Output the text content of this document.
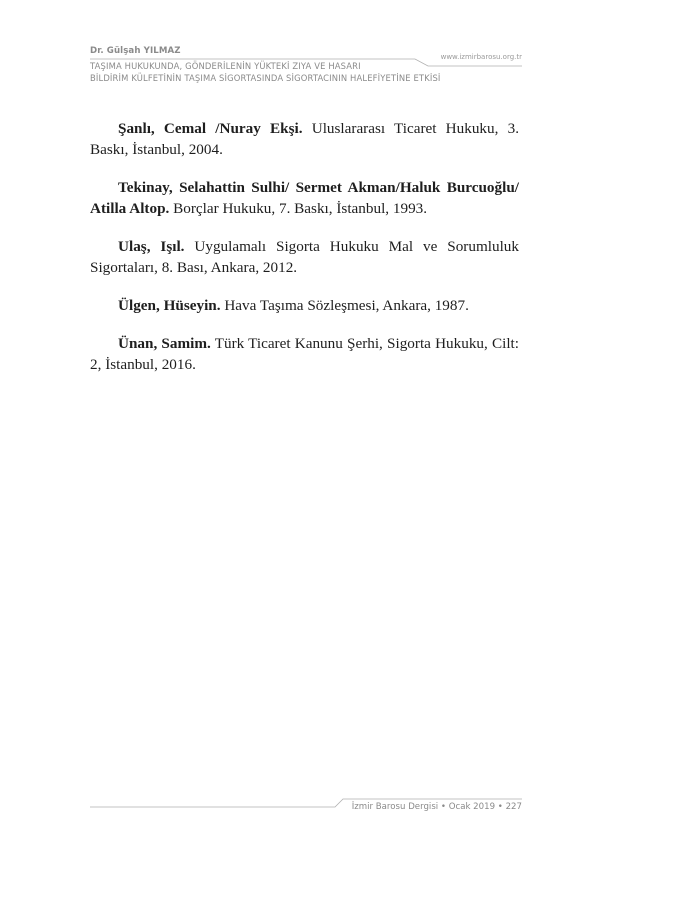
Dr. Gülşah YILMAZ
www.izmirbarosu.org.tr
TAŞIMA HUKUKUNDA, GÖNDERİLENİN YÜKTEKİ ZIYA VE HASARI
BİLDİRİM KÜLFETİNİN TAŞIMA SİGORTASINDA SİGORTACININ HALEFİYETİNE ETKİSİ

Şanlı, Cemal /Nuray Ekşi. Uluslararası Ticaret Hukuku, 3. Baskı, İstanbul, 2004.

Tekinay, Selahattin Sulhi/ Sermet Akman/Haluk Burcuoğlu/ Atilla Altop. Borçlar Hukuku, 7. Baskı, İstanbul, 1993.

Ulaş, Işıl. Uygulamalı Sigorta Hukuku Mal ve Sorumluluk Sigortaları, 8. Bası, Ankara, 2012.

Ülgen, Hüseyin. Hava Taşıma Sözleşmesi, Ankara, 1987.

Ünan, Samim. Türk Ticaret Kanunu Şerhi, Sigorta Hukuku, Cilt: 2, İstanbul, 2016.

İzmir Barosu Dergisi • Ocak 2019 • 227
